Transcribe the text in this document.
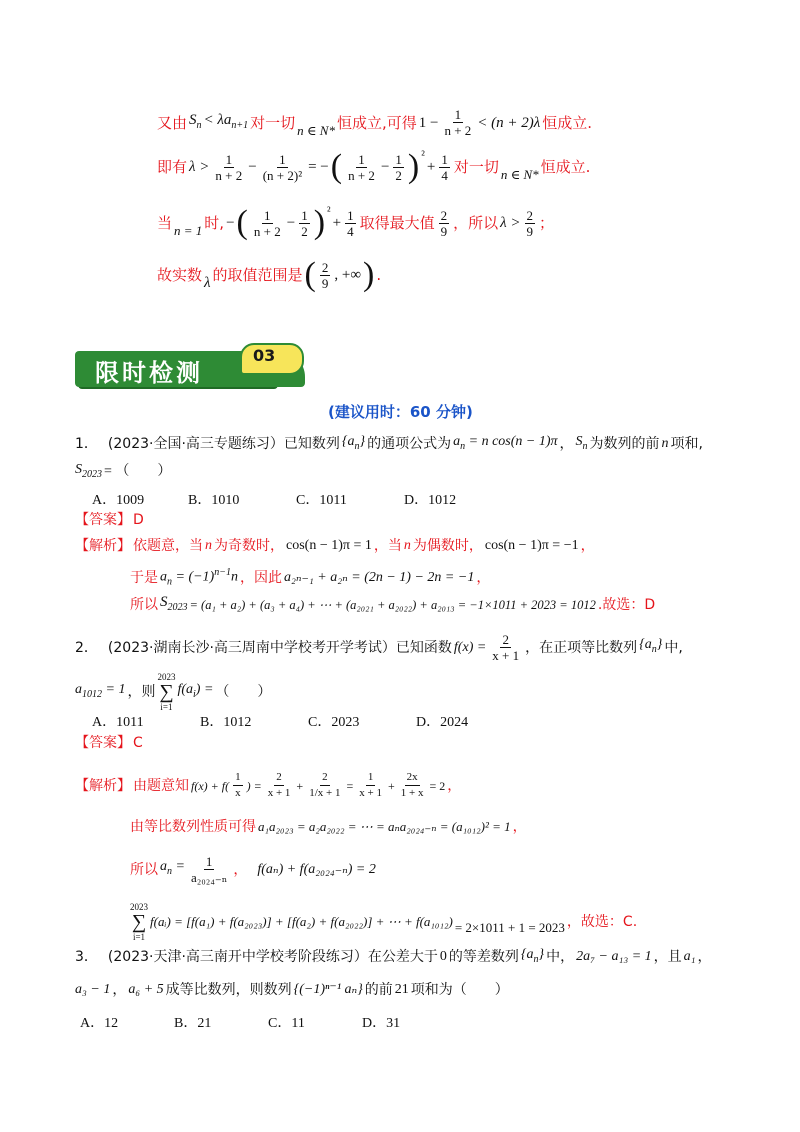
又由 $S_n < \lambda a_{n+1}$ 对一切 n ∈ N* 恒成立,可得 $1 - \frac{1}{n + 2} < (n + 2)\lambda$ 恒成立.
即有 $\lambda > \frac{1}{n + 2} - \frac{1}{\text{(n + 2)²}}$ = − ( $\frac{1}{n + 2} - \frac{1}{2}$ ) ²
+ $\frac{1}{4}$ 对一切 n ∈ N* 恒成立.
当 n = 1 时, − ( $\frac{1}{n + 2} - \frac{1}{2}$ ) ²
+ $\frac{1}{4}$ 取得最大值 $\frac{2}{9}$ ，所以 $\lambda > \frac{2}{9}$ ；
故实数 λ 的取值范围是 ( $\frac{2}{9}$ , +∞ ) .
限时检测
03
(建议用时：60 分钟)
1． (2023·全国·高三专题练习）已知数列 $\{a_n\}$ 的通项公式为 $a_n = n$ cos(n − 1)π ， $S_n$ 为数列的前 n 项和,
$S_{2023}$ = （　　）
A．1009	B．1010	C．1011	D．1012
【答案】 D
【解析】 依题意，当 n 为奇数时， cos(n − 1)π = 1 ，当 n 为偶数时， cos(n − 1)π = −1 ，
于是 $a_n = (-1)^{n-1}n$ ，因此 a₂ₙ₋₁ + a₂ₙ = (2n − 1) − 2n = −1 ，
所以 $S_{2023} = (a_1 + a_2) + (a_3 + a_4)$ + ⋯ + (a₂₀₂₁ + a₂₀₂₂) + a₂₀₁₃ = −1×1011 + 2023 = 1012 .故选：D
2． (2023·湖南长沙·高三周南中学校考开学考试）已知函数 $f(x) = \frac{2}{x + 1}$ ，在正项等比数列 $\{a_n\}$ 中,
$a_{1012} = 1$ ，则
2023
∑
i=1
$f(a_i)$ = （　　）
A．1011	B．1012	C．2023	D．2024
【答案】 C
【解析】 由题意知 $f(x) + f( \frac{1}{x}$ ) = $\frac{2}{x + 1} + \frac{2}{1/x + 1} = \frac{1}{x + 1} + \frac{2x}{1 + x} = 2$ ，
由等比数列性质可得 a₁a₂₀₂₃ = a₂a₂₀₂₂ = ⋯ = aₙa₂₀₂₄₋ₙ = (a₁₀₁₂)² = 1 ，
所以 $a_n = \frac{1}{\text{a₂₀₂₄₋ₙ}}$ ， f(aₙ) + f(a₂₀₂₄₋ₙ) = 2
2023
∑
i=1
f(aᵢ) = [f(a₁) + f(a₂₀₂₃)] + [f(a₂) + f(a₂₀₂₂)] + ⋯ + f(a₁₀₁₂) = 2×1011 + 1 = 2023 ，故选：C.
3． (2023·天津·高三南开中学校考阶段练习）在公差大于 0 的等差数列 $\{a_n\}$ 中， 2a₇ − a₁₃ = 1 ，且 a₁ ，
a₃ − 1 ， a₆ + 5 成等比数列，则数列 {(−1)ⁿ⁻¹ aₙ} 的前 21 项和为（　　）
A．12	B．21	C．11	D．31
